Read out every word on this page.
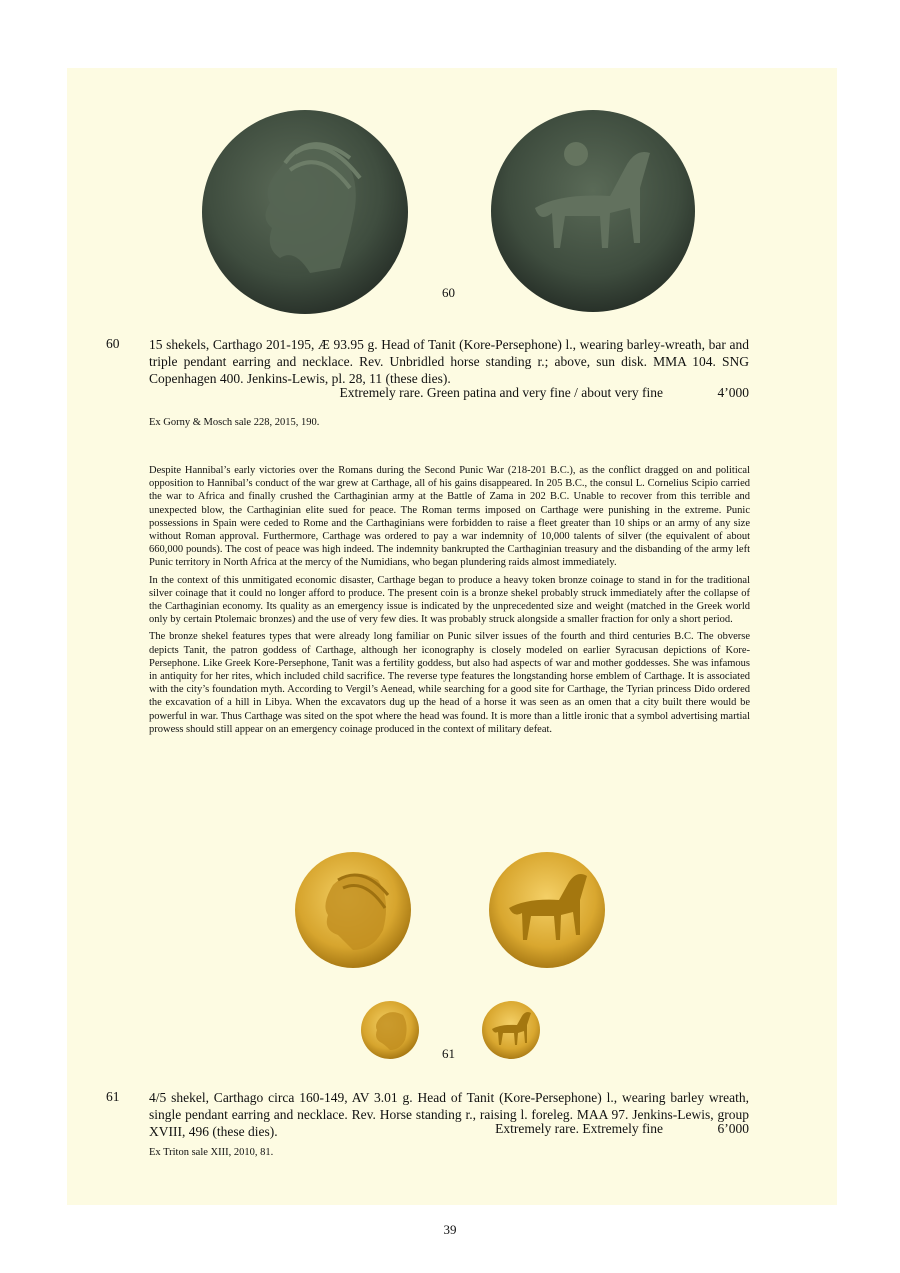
60
60 15 shekels, Carthago 201-195, Æ 93.95 g. Head of Tanit (Kore-Persephone) l., wearing barley-wreath, bar and triple pendant earring and necklace. Rev. Unbridled horse standing r.; above, sun disk. MMA 104. SNG Copenhagen 400. Jenkins-Lewis, pl. 28, 11 (these dies).
Extremely rare. Green patina and very fine / about very fine	4’000
Ex Gorny & Mosch sale 228, 2015, 190.

Despite Hannibal’s early victories over the Romans during the Second Punic War (218-201 B.C.), as the conflict dragged on and political opposition to Hannibal’s conduct of the war grew at Carthage, all of his gains disappeared. In 205 B.C., the consul L. Cornelius Scipio carried the war to Africa and finally crushed the Carthaginian army at the Battle of Zama in 202 B.C. Unable to recover from this terrible and unexpected blow, the Carthaginian elite sued for peace. The Roman terms imposed on Carthage were punishing in the extreme. Punic possessions in Spain were ceded to Rome and the Carthaginians were forbidden to raise a fleet greater than 10 ships or an army of any size without Roman approval. Furthermore, Carthage was ordered to pay a war indemnity of 10,000 talents of silver (the equivalent of about 660,000 pounds). The cost of peace was high indeed. The indemnity bankrupted the Carthaginian treasury and the disbanding of the army left Punic territory in North Africa at the mercy of the Numidians, who began plundering raids almost immediately.

In the context of this unmitigated economic disaster, Carthage began to produce a heavy token bronze coinage to stand in for the traditional silver coinage that it could no longer afford to produce. The present coin is a bronze shekel probably struck immediately after the collapse of the Carthaginian economy. Its quality as an emergency issue is indicated by the unprecedented size and weight (matched in the Greek world only by certain Ptolemaic bronzes) and the use of very few dies. It was probably struck alongside a smaller fraction for only a short period.

The bronze shekel features types that were already long familiar on Punic silver issues of the fourth and third centuries B.C. The obverse depicts Tanit, the patron goddess of Carthage, although her iconography is closely modeled on earlier Syracusan depictions of Kore-Persephone. Like Greek Kore-Persephone, Tanit was a fertility goddess, but also had aspects of war and mother goddesses. She was infamous in antiquity for her rites, which included child sacrifice. The reverse type features the longstanding horse emblem of Carthage. It is associated with the city’s foundation myth. According to Vergil’s Aenead, while searching for a good site for Carthage, the Tyrian princess Dido ordered the excavation of a hill in Libya. When the excavators dug up the head of a horse it was seen as an omen that a city built there would be powerful in war. Thus Carthage was sited on the spot where the head was found. It is more than a little ironic that a symbol advertising martial prowess should still appear on an emergency coinage produced in the context of military defeat.

61
61 4/5 shekel, Carthago circa 160-149, AV 3.01 g. Head of Tanit (Kore-Persephone) l., wearing barley wreath, single pendant earring and necklace. Rev. Horse standing r., raising l. foreleg. MAA 97. Jenkins-Lewis, group XVIII, 496 (these dies).	Extremely rare. Extremely fine	6’000
Ex Triton sale XIII, 2010, 81.
39
